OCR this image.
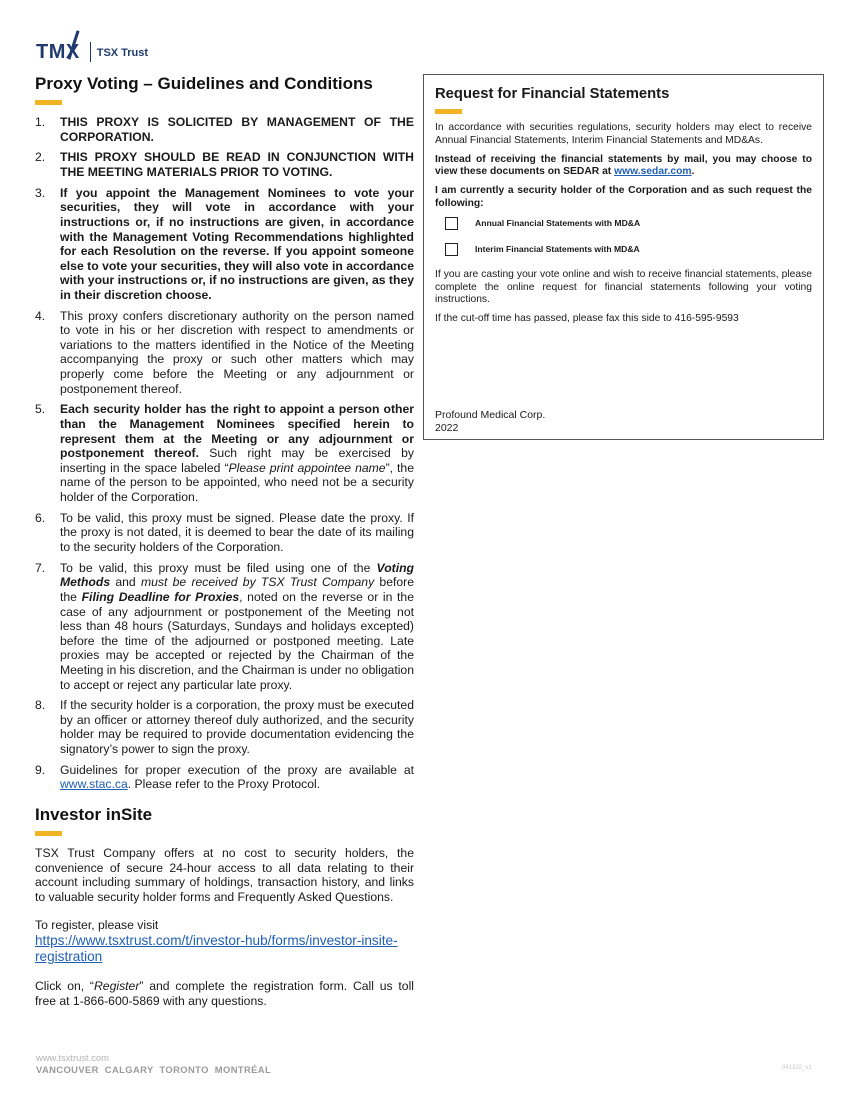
TMX TSX Trust
Proxy Voting – Guidelines and Conditions
1.	THIS PROXY IS SOLICITED BY MANAGEMENT OF THE CORPORATION.
2.	THIS PROXY SHOULD BE READ IN CONJUNCTION WITH THE MEETING MATERIALS PRIOR TO VOTING.
3.	If you appoint the Management Nominees to vote your securities, they will vote in accordance with your instructions or, if no instructions are given, in accordance with the Management Voting Recommendations highlighted for each Resolution on the reverse. If you appoint someone else to vote your securities, they will also vote in accordance with your instructions or, if no instructions are given, as they in their discretion choose.
4.	This proxy confers discretionary authority on the person named to vote in his or her discretion with respect to amendments or variations to the matters identified in the Notice of the Meeting accompanying the proxy or such other matters which may properly come before the Meeting or any adjournment or postponement thereof.
5.	Each security holder has the right to appoint a person other than the Management Nominees specified herein to represent them at the Meeting or any adjournment or postponement thereof. Such right may be exercised by inserting in the space labeled “Please print appointee name”, the name of the person to be appointed, who need not be a security holder of the Corporation.
6.	To be valid, this proxy must be signed. Please date the proxy. If the proxy is not dated, it is deemed to bear the date of its mailing to the security holders of the Corporation.
7.	To be valid, this proxy must be filed using one of the Voting Methods and must be received by TSX Trust Company before the Filing Deadline for Proxies, noted on the reverse or in the case of any adjournment or postponement of the Meeting not less than 48 hours (Saturdays, Sundays and holidays excepted) before the time of the adjourned or postponed meeting. Late proxies may be accepted or rejected by the Chairman of the Meeting in his discretion, and the Chairman is under no obligation to accept or reject any particular late proxy.
8.	If the security holder is a corporation, the proxy must be executed by an officer or attorney thereof duly authorized, and the security holder may be required to provide documentation evidencing the signatory’s power to sign the proxy.
9.	Guidelines for proper execution of the proxy are available at www.stac.ca. Please refer to the Proxy Protocol.
Investor inSite

TSX Trust Company offers at no cost to security holders, the convenience of secure 24-hour access to all data relating to their account including summary of holdings, transaction history, and links to valuable security holder forms and Frequently Asked Questions.

To register, please visit

https://www.tsxtrust.com/t/investor-hub/forms/investor-insite-registration

Click on, “Register” and complete the registration form. Call us toll free at 1-866-600-5869 with any questions.

Request for Financial Statements

In accordance with securities regulations, security holders may elect to receive Annual Financial Statements, Interim Financial Statements and MD&As.

Instead of receiving the financial statements by mail, you may choose to view these documents on SEDAR at www.sedar.com.

I am currently a security holder of the Corporation and as such request the following:

Annual Financial Statements with MD&A
Interim Financial Statements with MD&A

If you are casting your vote online and wish to receive financial statements, please complete the online request for financial statements following your voting instructions.

If the cut-off time has passed, please fax this side to 416-595-9593

Profound Medical Corp.
2022
www.tsxtrust.com
VANCOUVER CALGARY TORONTO MONTRÉAL	041322_v1
